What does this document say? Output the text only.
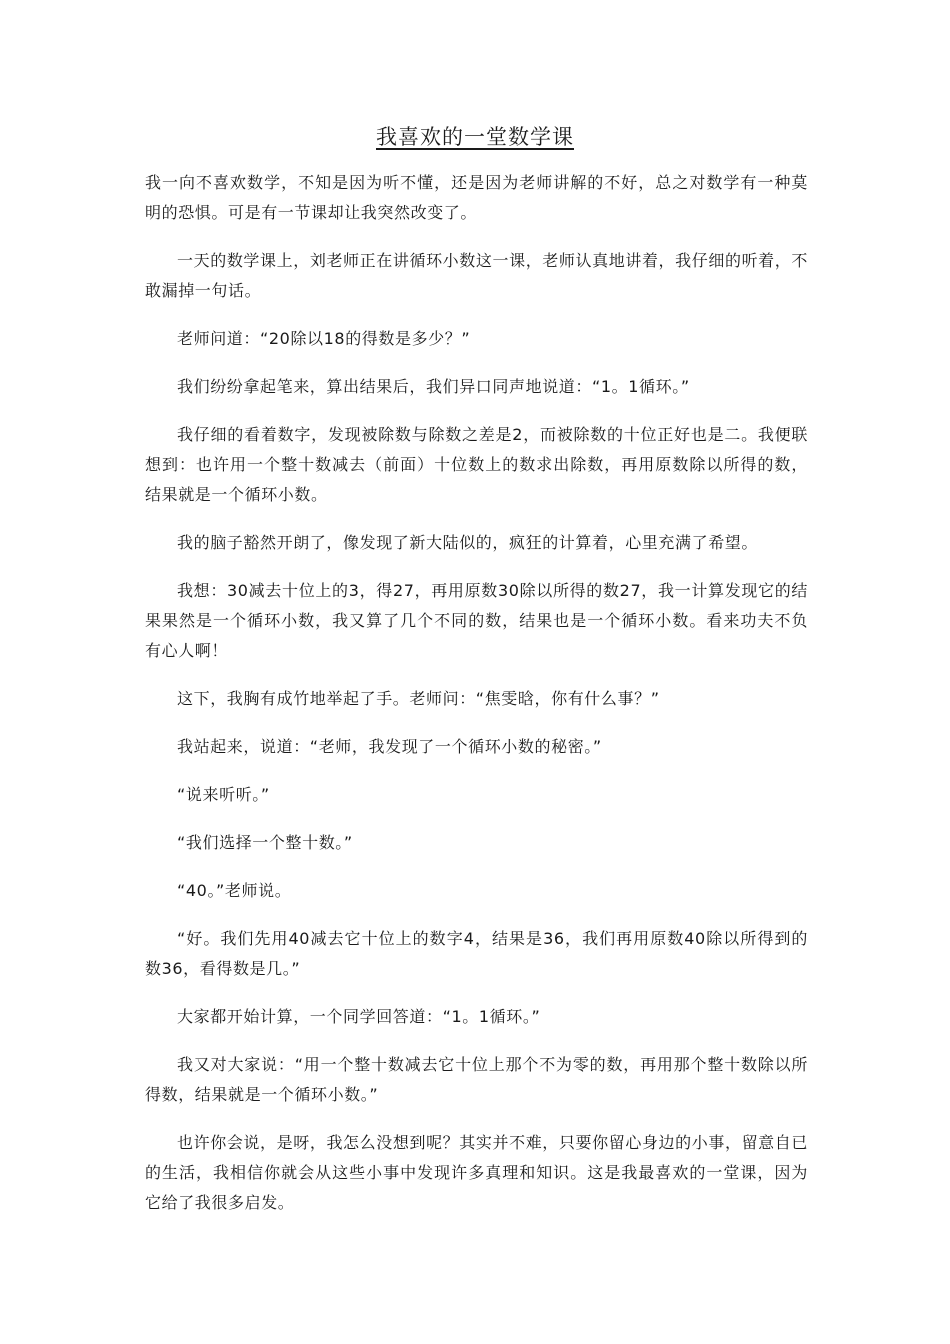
我喜欢的一堂数学课

我一向不喜欢数学，不知是因为听不懂，还是因为老师讲解的不好，总之对数学有一种莫明的恐惧。可是有一节课却让我突然改变了。

一天的数学课上，刘老师正在讲循环小数这一课，老师认真地讲着，我仔细的听着，不敢漏掉一句话。

老师问道：“20除以18的得数是多少？”

我们纷纷拿起笔来，算出结果后，我们异口同声地说道：“1。1循环。”

我仔细的看着数字，发现被除数与除数之差是2，而被除数的十位正好也是二。我便联想到：也许用一个整十数减去（前面）十位数上的数求出除数，再用原数除以所得的数，结果就是一个循环小数。

我的脑子豁然开朗了，像发现了新大陆似的，疯狂的计算着，心里充满了希望。

我想：30减去十位上的3，得27，再用原数30除以所得的数27，我一计算发现它的结果果然是一个循环小数，我又算了几个不同的数，结果也是一个循环小数。看来功夫不负有心人啊！

这下，我胸有成竹地举起了手。老师问：“焦雯晗，你有什么事？”

我站起来，说道：“老师，我发现了一个循环小数的秘密。”

“说来听听。”

“我们选择一个整十数。”

“40。”老师说。

“好。我们先用40减去它十位上的数字4，结果是36，我们再用原数40除以所得到的数36，看得数是几。”

大家都开始计算，一个同学回答道：“1。1循环。”

我又对大家说：“用一个整十数减去它十位上那个不为零的数，再用那个整十数除以所得数，结果就是一个循环小数。”

也许你会说，是呀，我怎么没想到呢？其实并不难，只要你留心身边的小事，留意自已的生活，我相信你就会从这些小事中发现许多真理和知识。这是我最喜欢的一堂课，因为它给了我很多启发。
